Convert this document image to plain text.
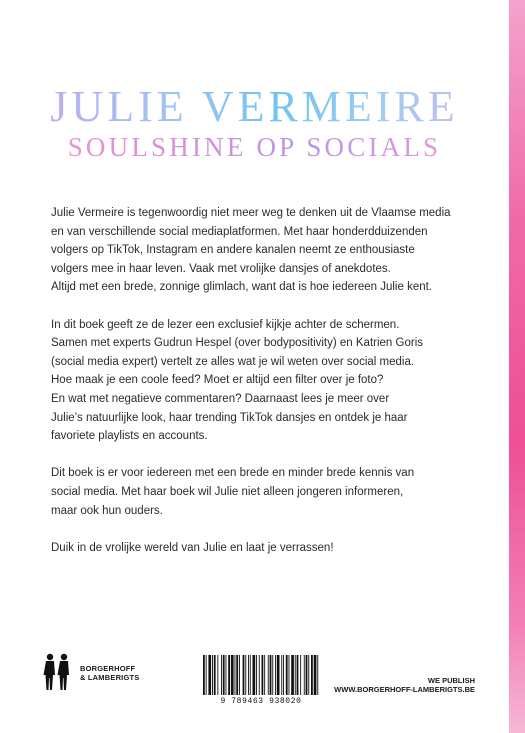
JULIE VERMEIRE
SOULSHINE OP SOCIALS

Julie Vermeire is tegenwoordig niet meer weg te denken uit de Vlaamse media
en van verschillende social mediaplatformen. Met haar honderdduizenden
volgers op TikTok, Instagram en andere kanalen neemt ze enthousiaste
volgers mee in haar leven. Vaak met vrolijke dansjes of anekdotes.
Altijd met een brede, zonnige glimlach, want dat is hoe iedereen Julie kent.

In dit boek geeft ze de lezer een exclusief kijkje achter de schermen.
Samen met experts Gudrun Hespel (over bodypositivity) en Katrien Goris
(social media expert) vertelt ze alles wat je wil weten over social media.
Hoe maak je een coole feed? Moet er altijd een filter over je foto?
En wat met negatieve commentaren? Daarnaast lees je meer over
Julie’s natuurlijke look, haar trending TikTok dansjes en ontdek je haar
favoriete playlists en accounts.

Dit boek is er voor iedereen met een brede en minder brede kennis van
social media. Met haar boek wil Julie niet alleen jongeren informeren,
maar ook hun ouders.

Duik in de vrolijke wereld van Julie en laat je verrassen!

BORGERHOFF
& LAMBERIGTS
9 789463 938020
WE PUBLISH
WWW.BORGERHOFF-LAMBERIGTS.BE
